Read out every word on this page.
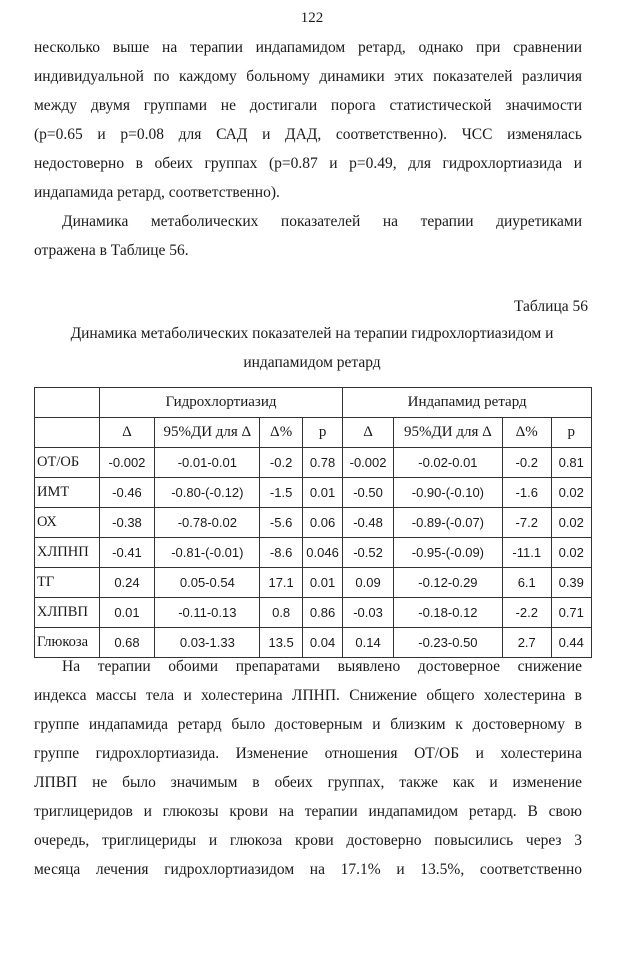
122
несколько выше на терапии индапамидом ретард, однако при сравнении
индивидуальной по каждому больному динамики этих показателей различия
между двумя группами не достигали порога статистической значимости
(p=0.65 и p=0.08 для САД и ДАД, соответственно). ЧСС изменялась
недостоверно в обеих группах (p=0.87 и p=0.49, для гидрохлортиазида и
индапамида ретард, соответственно).
Динамика метаболических показателей на терапии диуретиками
отражена в Таблице 56.
Таблица 56
Динамика метаболических показателей на терапии гидрохлортиазидом и
индапамидом ретард
	Гидрохлортиазид				Индапамид ретард			
	Δ	95%ДИ для Δ	Δ%	p	Δ	95%ДИ для Δ	Δ%	p
ОТ/ОБ	-0.002	-0.01-0.01	-0.2	0.78	-0.002	-0.02-0.01	-0.2	0.81
ИМТ	-0.46	-0.80-(-0.12)	-1.5	0.01	-0.50	-0.90-(-0.10)	-1.6	0.02
ОХ	-0.38	-0.78-0.02	-5.6	0.06	-0.48	-0.89-(-0.07)	-7.2	0.02
ХЛПНП	-0.41	-0.81-(-0.01)	-8.6	0.046	-0.52	-0.95-(-0.09)	-11.1	0.02
ТГ	0.24	0.05-0.54	17.1	0.01	0.09	-0.12-0.29	6.1	0.39
ХЛПВП	0.01	-0.11-0.13	0.8	0.86	-0.03	-0.18-0.12	-2.2	0.71
Глюкоза	0.68	0.03-1.33	13.5	0.04	0.14	-0.23-0.50	2.7	0.44
На терапии обоими препаратами выявлено достоверное снижение
индекса массы тела и холестерина ЛПНП. Снижение общего холестерина в
группе индапамида ретард было достоверным и близким к достоверному в
группе гидрохлортиазида. Изменение отношения ОТ/ОБ и холестерина
ЛПВП не было значимым в обеих группах, также как и изменение
триглицеридов и глюкозы крови на терапии индапамидом ретард. В свою
очередь, триглицериды и глюкоза крови достоверно повысились через 3
месяца лечения гидрохлортиазидом на 17.1% и 13.5%, соответственно
